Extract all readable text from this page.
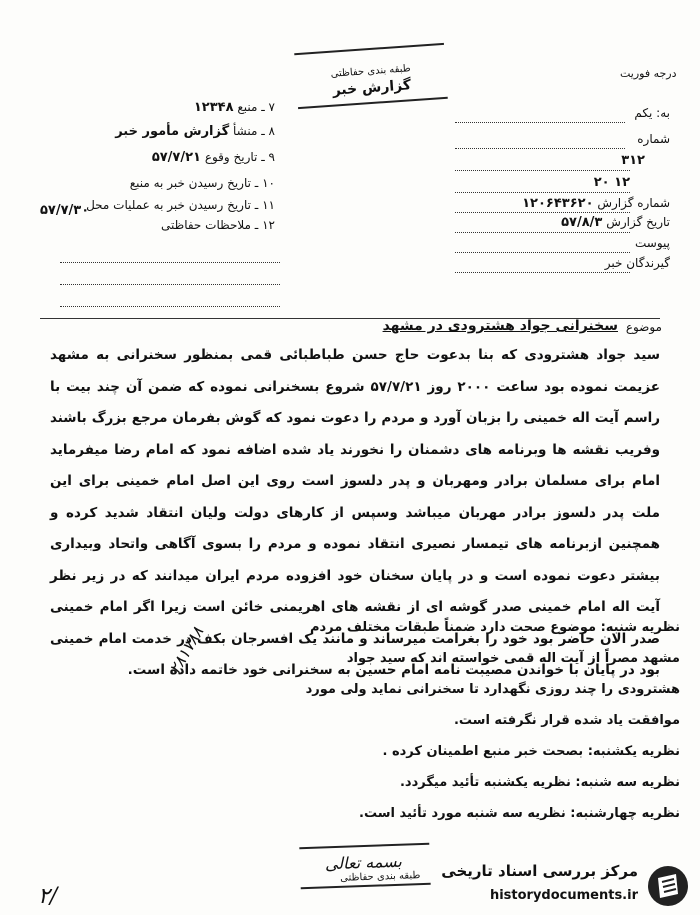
طبقه بندی حفاظتی
گزارش خبر
درجه فوریت
به: یکم
شماره
۳۱۲
۲۰ ۱۲
شماره گزارش ۱۲۰۶۴۳۶۲۰
تاریخ گزارش ۵۷/۸/۳
پیوست
گیرندگان خبر
۷ ـ منبع ۱۲۳۴۸
۸ ـ منشأ گزارش مأمور خبر
۹ ـ تاریخ وقوع ۵۷/۷/۲۱
۱۰ ـ تاریخ رسیدن خبر به منبع
۱۱ ـ تاریخ رسیدن خبر به عملیات محل
۵۷/۷/۳۰
۱۲ ـ ملاحظات حفاظتی
موضوع
سخنرانی جواد هشترودی در مشهد

سید جواد هشترودی که بنا بدعوت حاج حسن طباطبائی قمی بمنظور سخنرانی به مشهد عزیمت نموده بود ساعت ۲۰۰۰ روز ۵۷/۷/۲۱ شروع بسخنرانی نموده که ضمن آن چند بیت با راسم آیت اله خمینی را بزبان آورد و مردم را دعوت نمود که گوش بفرمان مرجع بزرگ باشند وفریب نقشه ها وبرنامه های دشمنان را نخورند یاد شده اضافه نمود که امام رضا میفرماید امام برای مسلمان برادر ومهربان و پدر دلسوز است روی این اصل امام خمینی برای این ملت پدر دلسوز برادر مهربان میباشد وسپس از کارهای دولت ولیان انتقاد شدید کرده و همچنین ازبرنامه های تیمسار نصیری انتقاد نموده و مردم را بسوی آگاهی واتحاد وبیداری بیشتر دعوت نموده است و در پایان سخنان خود افزوده مردم ایران میدانند که در زیر نظر آیت اله امام خمینی صدر گوشه ای از نقشه های اهریمنی خائن است زیرا اگر امام خمینی صدر الان حاضر بود خود را بغرامت میرساند و مانند یک افسرجان بکف در خدمت امام خمینی بود در پایان با خواندن مصیبت نامه امام حسین به سخنرانی خود خاتمه داده است.

نظریه شنبه: موضوع صحت دارد ضمناً طبقات مختلف مردم مشهد مصراً از آیت اله قمی خواسته اند که سید جواد هشترودی را چند روزی نگهدارد تا سخنرانی نماید ولی مورد موافقت یاد شده قرار نگرفته است.
نظریه یکشنبه: بصحت خبر منبع اطمینان کرده .
نظریه سه شنبه: نظریه یکشنبه تأئید میگردد.
نظریه چهارشنبه: نظریه سه شنبه مورد تأئید است.
۲۸۱۷۸۸
بسمه تعالی
طبقه بندی حفاظتی مرکز بررسی اسناد تاریخی
historydocuments.ir
۲/
